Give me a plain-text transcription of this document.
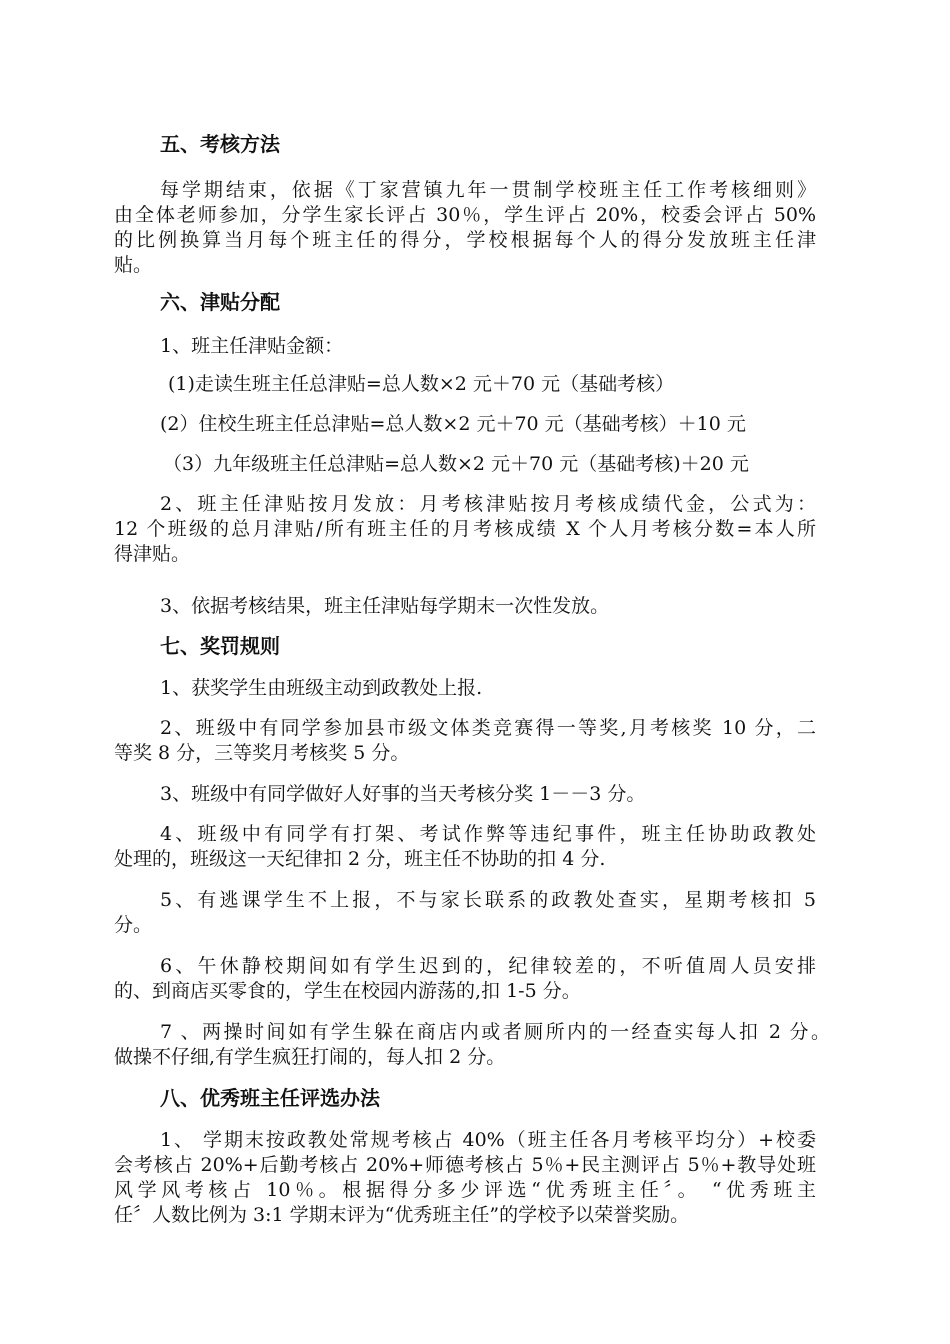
五、考核方法
每学期结束，依据《丁家营镇九年一贯制学校班主任工作考核细则》
由全体老师参加，分学生家长评占 30％，学生评占 20%，校委会评占 50%
的比例换算当月每个班主任的得分，学校根据每个人的得分发放班主任津
贴。
六、津贴分配
1、班主任津贴金额：
(1)走读生班主任总津贴=总人数×2 元＋70 元（基础考核）
(2）住校生班主任总津贴=总人数×2 元＋70 元（基础考核）＋10 元
（3）九年级班主任总津贴=总人数×2 元＋70 元（基础考核)＋20 元
2、班主任津贴按月发放：月考核津贴按月考核成绩代金，公式为：
12 个班级的总月津贴/所有班主任的月考核成绩 X 个人月考核分数=本人所
得津贴。
3、依据考核结果，班主任津贴每学期末一次性发放。
七、奖罚规则
1、获奖学生由班级主动到政教处上报.
2、班级中有同学参加县市级文体类竞赛得一等奖,月考核奖 10 分，二
等奖 8 分，三等奖月考核奖 5 分。
3、班级中有同学做好人好事的当天考核分奖 1－－3 分。
4、班级中有同学有打架、考试作弊等违纪事件，班主任协助政教处
处理的，班级这一天纪律扣 2 分，班主任不协助的扣 4 分.
5、有逃课学生不上报，不与家长联系的政教处查实，星期考核扣 5
分。
6、午休静校期间如有学生迟到的，纪律较差的，不听值周人员安排
的、到商店买零食的，学生在校园内游荡的,扣 1-5 分。
7 、两操时间如有学生躲在商店内或者厕所内的一经查实每人扣 2 分。
做操不仔细,有学生疯狂打闹的，每人扣 2 分。
八、优秀班主任评选办法
1、 学期末按政教处常规考核占 40%（班主任各月考核平均分）+校委
会考核占 20%+后勤考核占 20%+师德考核占 5％+民主测评占 5％+教导处班
风学风考核占 10％。根据得分多少评选“优秀班主任〞。 “优秀班主
任〞人数比例为 3:1 学期末评为“优秀班主任”的学校予以荣誉奖励。
